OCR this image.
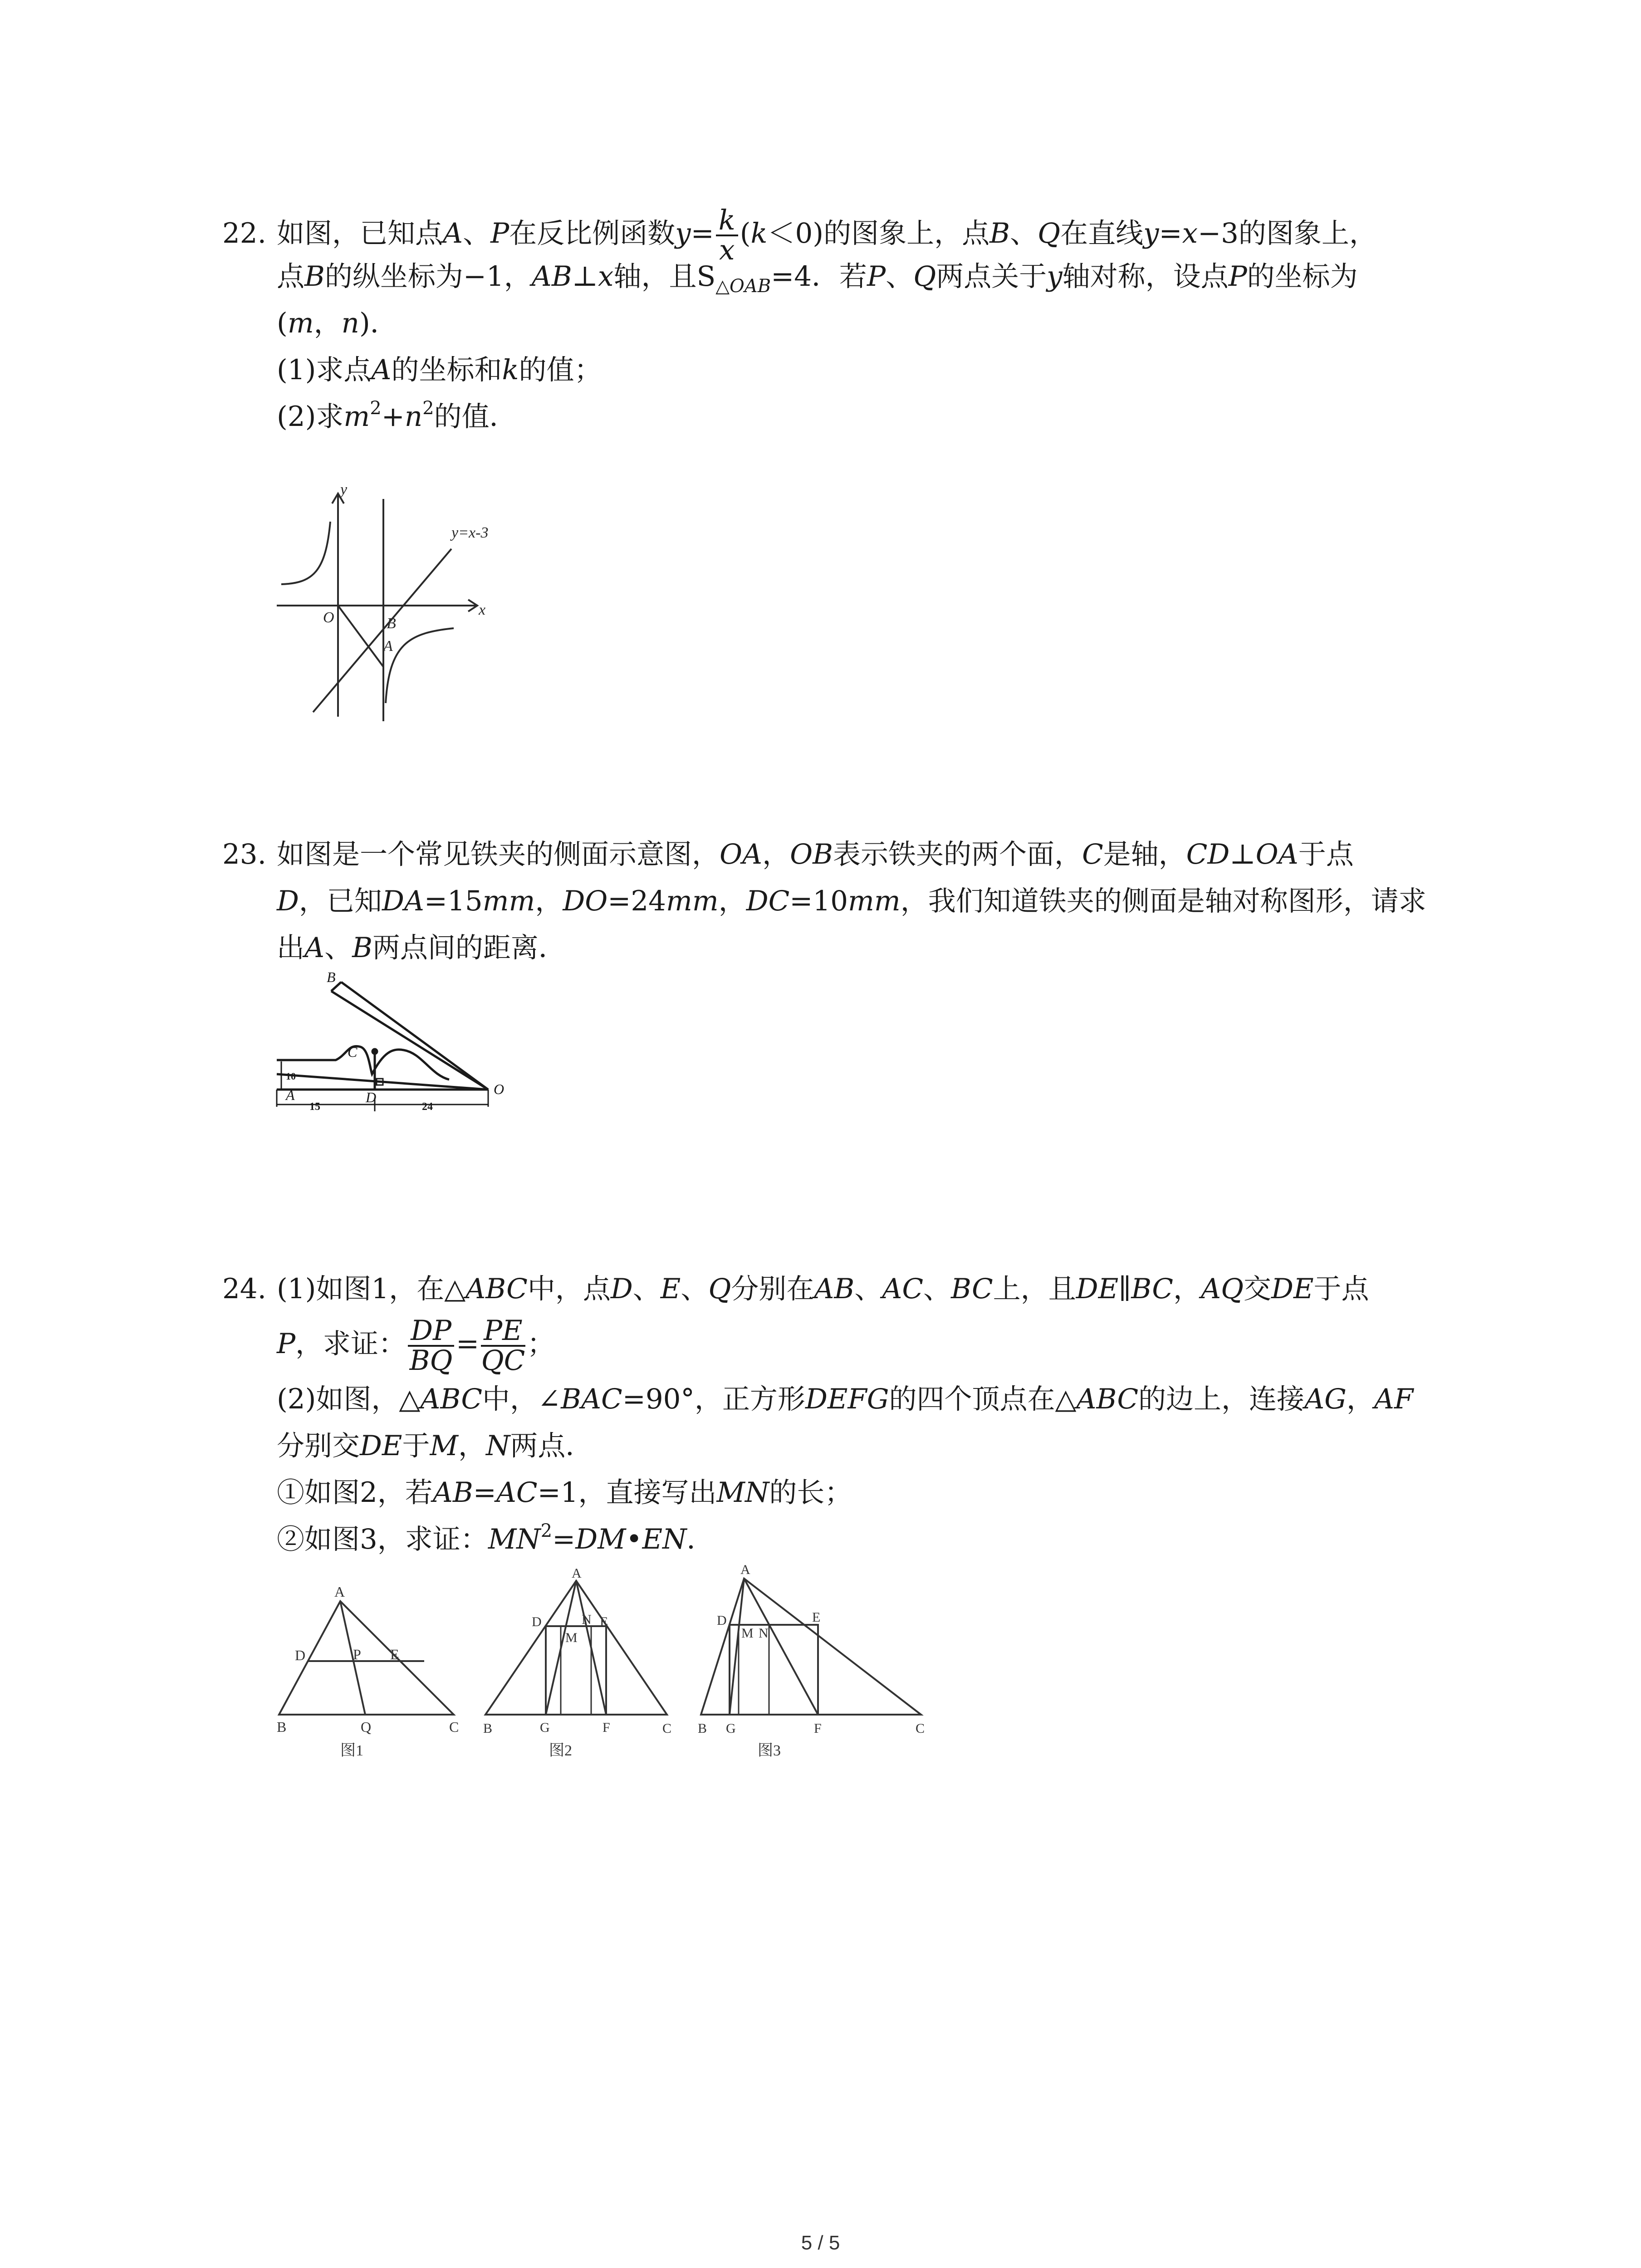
22. 如图，已知点A、P在反比例函数$y= \frac{k}{x} (k<0)$的图象上，点B、Q在直线y=x−3的图象上，
点B的纵坐标为−1，AB⊥x轴，且$S_{\triangle OAB}=4$．若P、Q两点关于y轴对称，设点P的坐标为
(m，n)．
(1)求点A的坐标和k的值；
(2)求$m^2+n^2$的值．
y
x
O	B
A
y=x-3
23. 如图是一个常见铁夹的侧面示意图，OA，OB表示铁夹的两个面，C是轴，CD⊥OA于点
D，已知DA=15mm，DO=24mm，DC=10mm，我们知道铁夹的侧面是轴对称图形，请求
出A、B两点间的距离．
B
C
10
A	D	O
15	24
24. (1)如图1，在△ABC中，点D、E、Q分别在AB、AC、BC上，且DE∥BC，AQ交DE于点
P，求证： $\frac{DP}{BQ} = \frac{PE}{QC}$ ；
(2)如图，△ABC中，∠BAC=90°，正方形DEFG的四个顶点在△ABC的边上，连接AG，AF
分别交DE于M，N两点．
①如图2，若AB=AC=1，直接写出MN的长；
②如图3，求证：$MN^2=DM•EN$．
A
D	P E
B	Q	C
图1
A
D	N E
M
B	G	F	C
图2
A
D
M N
E
B G	F	C
图3
5 / 5
